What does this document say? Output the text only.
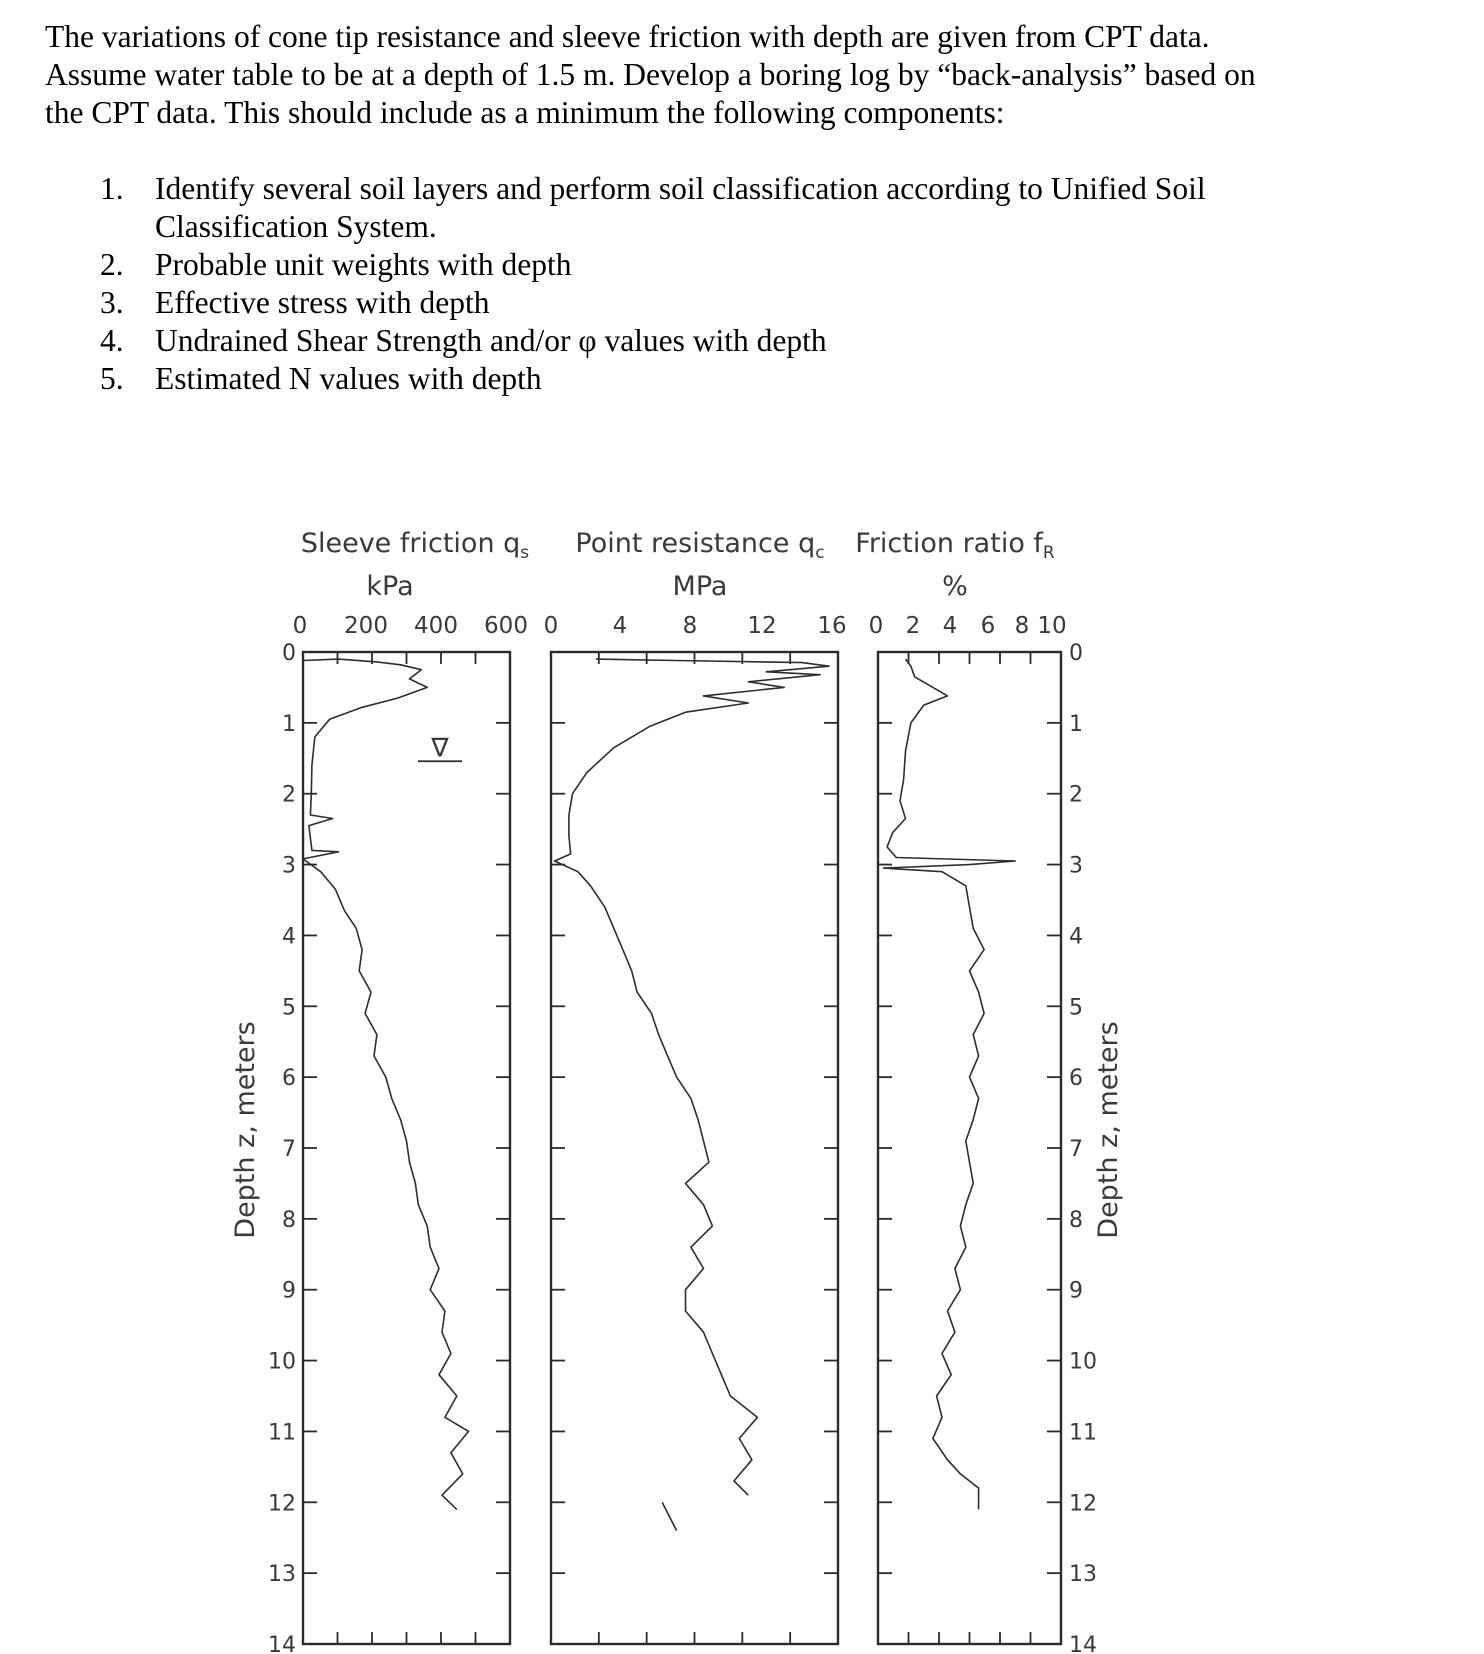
The variations of cone tip resistance and sleeve friction with depth are given from CPT data.

Assume water table to be at a depth of 1.5 m. Develop a boring log by “back-analysis” based on

the CPT data. This should include as a minimum the following components:

1. Identify several soil layers and perform soil classification according to Unified Soil
Classification System.
2. Probable unit weights with depth
3. Effective stress with depth
4. Undrained Shear Strength and/or φ values with depth
5. Estimated N values with depth
Sleeve friction $q_s$
kPa
0 200 400 600
Point resistance $q_c$
MPa
0 4 8 12 16
Friction ratio $f_R$
%
0 2 4 6 8 10
∇
0	0
1	1
2	2
3	3
4	4
5	5
6	6
7	7
8	8
9	9
10	10
11	11
12	12
13	13
14	14
Depth z, meters	Depth z, meters
